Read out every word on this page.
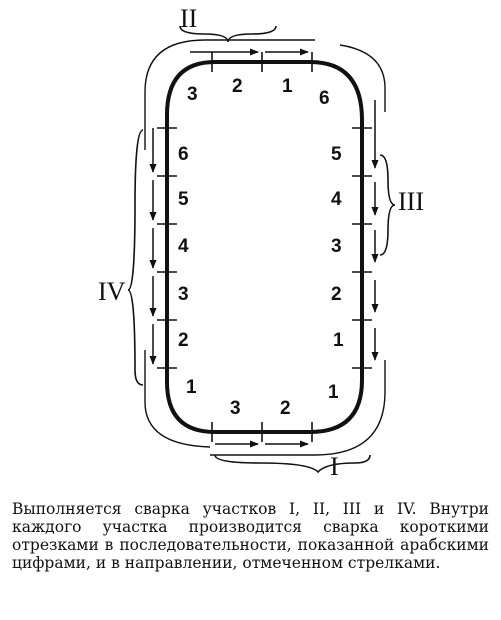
II
III
IV
I
3 2 1
6
5
4
3
2
1
6
5
4
3
2
1
3 2
1
Выполняется сварка участков I, II, III и IV. Внутри каждого участка производится сварка короткими отрезками в последовательности, показанной арабскими цифрами, и в направлении, отмеченном стрелками.
